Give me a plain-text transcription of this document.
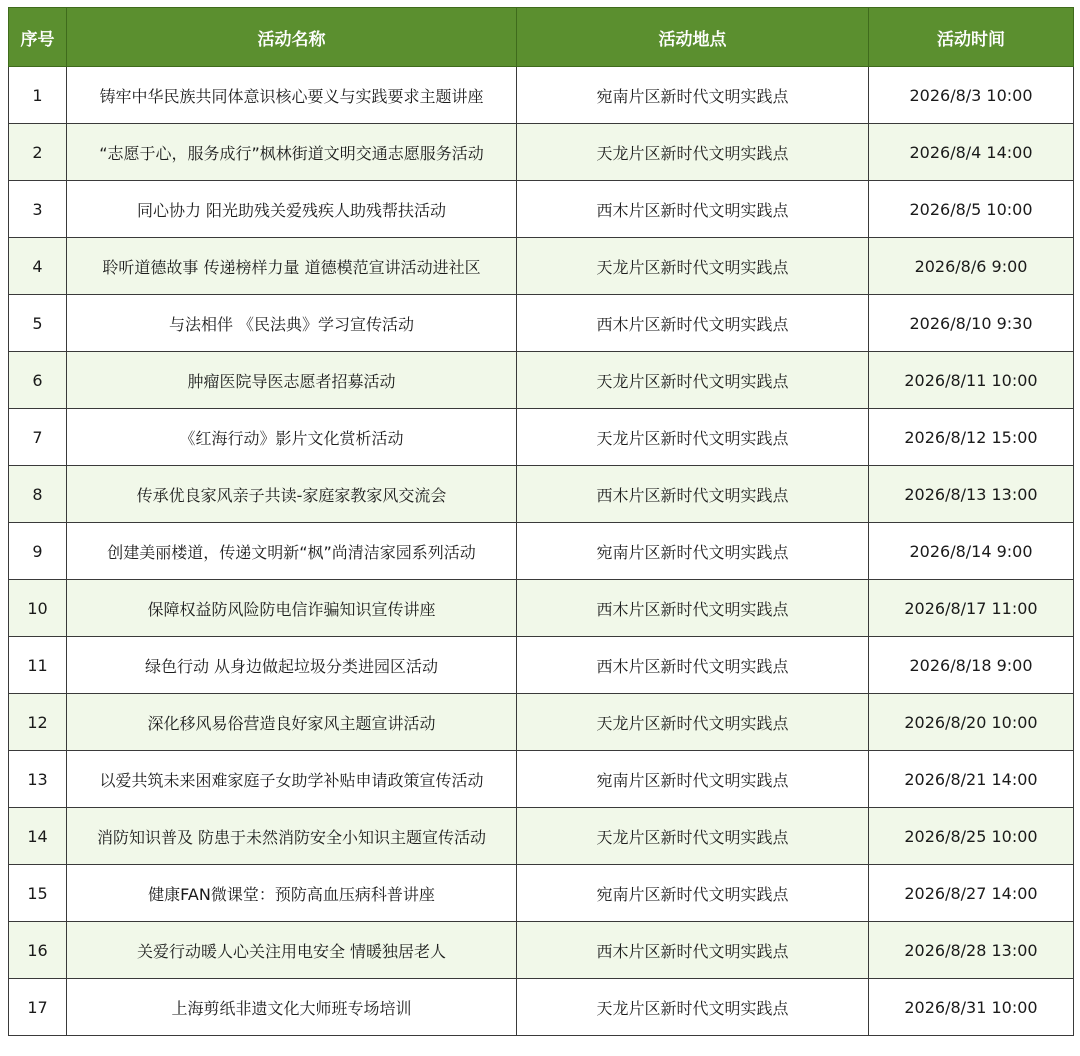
序号	活动名称	活动地点	活动时间
1	铸牢中华民族共同体意识核心要义与实践要求主题讲座	宛南片区新时代文明实践点	2026/8/3 10:00
2	“志愿于心，服务成行”枫林街道文明交通志愿服务活动	天龙片区新时代文明实践点	2026/8/4 14:00
3	同心协力 阳光助残关爱残疾人助残帮扶活动	西木片区新时代文明实践点	2026/8/5 10:00
4	聆听道德故事 传递榜样力量 道德模范宣讲活动进社区	天龙片区新时代文明实践点	2026/8/6 9:00
5	与法相伴 《民法典》学习宣传活动	西木片区新时代文明实践点	2026/8/10 9:30
6	肿瘤医院导医志愿者招募活动	天龙片区新时代文明实践点	2026/8/11 10:00
7	《红海行动》影片文化赏析活动	天龙片区新时代文明实践点	2026/8/12 15:00
8	传承优良家风亲子共读-家庭家教家风交流会	西木片区新时代文明实践点	2026/8/13 13:00
9	创建美丽楼道，传递文明新“枫”尚清洁家园系列活动	宛南片区新时代文明实践点	2026/8/14 9:00
10	保障权益防风险防电信诈骗知识宣传讲座	西木片区新时代文明实践点	2026/8/17 11:00
11	绿色行动 从身边做起垃圾分类进园区活动	西木片区新时代文明实践点	2026/8/18 9:00
12	深化移风易俗营造良好家风主题宣讲活动	天龙片区新时代文明实践点	2026/8/20 10:00
13	以爱共筑未来困难家庭子女助学补贴申请政策宣传活动	宛南片区新时代文明实践点	2026/8/21 14:00
14	消防知识普及 防患于未然消防安全小知识主题宣传活动	天龙片区新时代文明实践点	2026/8/25 10:00
15	健康FAN微课堂：预防高血压病科普讲座	宛南片区新时代文明实践点	2026/8/27 14:00
16	关爱行动暖人心关注用电安全 情暖独居老人	西木片区新时代文明实践点	2026/8/28 13:00
17	上海剪纸非遗文化大师班专场培训	天龙片区新时代文明实践点	2026/8/31 10:00
